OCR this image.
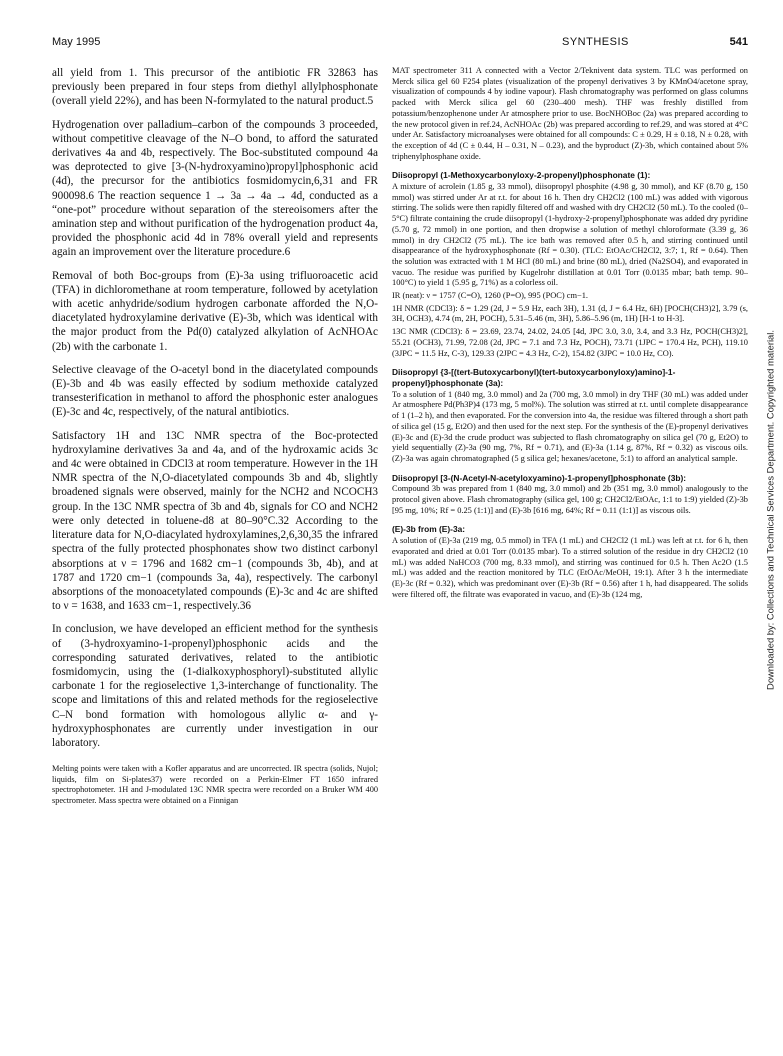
May 1995	SYNTHESIS	541

all yield from 1. This precursor of the antibiotic FR 32863 has previously been prepared in four steps from diethyl allylphosphonate (overall yield 22%), and has been N-formylated to the natural product.5

Hydrogenation over palladium–carbon of the compounds 3 proceeded, without competitive cleavage of the N–O bond, to afford the saturated derivatives 4a and 4b, respectively. The Boc-substituted compound 4a was deprotected to give [3-(N-hydroxyamino)propyl]phosphonic acid (4d), the precursor for the antibiotics fosmidomycin,6,31 and FR 900098.6 The reaction sequence 1 → 3a → 4a → 4d, conducted as a “one-pot” procedure without separation of the stereoisomers after the amination step and without purification of the hydrogenation product 4a, provided the phosphonic acid 4d in 78% overall yield and represents again an improvement over the literature procedure.6

Removal of both Boc-groups from (E)-3a using trifluoroacetic acid (TFA) in dichloromethane at room temperature, followed by acetylation with acetic anhydride/sodium hydrogen carbonate afforded the N,O-diacetylated hydroxylamine derivative (E)-3b, which was identical with the major product from the Pd(0) catalyzed alkylation of AcNHOAc (2b) with the carbonate 1.

Selective cleavage of the O-acetyl bond in the diacetylated compounds (E)-3b and 4b was easily effected by sodium methoxide catalyzed transesterification in methanol to afford the phosphonic ester analogues (E)-3c and 4c, respectively, of the natural antibiotics.

Satisfactory 1H and 13C NMR spectra of the Boc-protected hydroxylamine derivatives 3a and 4a, and of the hydroxamic acids 3c and 4c were obtained in CDCl3 at room temperature. However in the 1H NMR spectra of the N,O-diacetylated compounds 3b and 4b, slightly broadened signals were observed, mainly for the NCH2 and NCOCH3 group. In the 13C NMR spectra of 3b and 4b, signals for CO and NCH2 were only detected in toluene-d8 at 80–90°C.32 According to the literature data for N,O-diacylated hydroxylamines,2,6,30,35 the infrared spectra of the fully protected phosphonates show two distinct carbonyl absorptions at ν = 1796 and 1682 cm−1 (compounds 3b, 4b), and at 1787 and 1720 cm−1 (compounds 3a, 4a), respectively. The carbonyl absorptions of the monoacetylated compounds (E)-3c and 4c are shifted to ν = 1638, and 1633 cm−1, respectively.36

In conclusion, we have developed an efficient method for the synthesis of (3-hydroxyamino-1-propenyl)phosphonic acids and the corresponding saturated derivatives, related to the antibiotic fosmidomycin, using the (1-dialkoxyphosphoryl)-substituted allylic carbonate 1 for the regioselective 1,3-interchange of functionality. The scope and limitations of this and related methods for the regioselective C–N bond formation with homologous allylic α- and γ-hydroxyphosphonates are currently under investigation in our laboratory.

Melting points were taken with a Kofler apparatus and are uncorrected. IR spectra (solids, Nujol; liquids, film on Si-plates37) were recorded on a Perkin-Elmer FT 1650 infrared spectrophotometer. 1H and J-modulated 13C NMR spectra were recorded on a Bruker WM 400 spectrometer. Mass spectra were obtained on a Finnigan

MAT spectrometer 311 A connected with a Vector 2/Teknivent data system. TLC was performed on Merck silica gel 60 F254 plates (visualization of the propenyl derivatives 3 by KMnO4/acetone spray, visualization of compounds 4 by iodine vapour). Flash chromatography was performed on glass columns packed with Merck silica gel 60 (230–400 mesh). THF was freshly distilled from potassium/benzophenone under Ar atmosphere prior to use. BocNHOBoc (2a) was prepared according to the new protocol given in ref.24, AcNHOAc (2b) was prepared according to ref.29, and was stored at 4°C under Ar. Satisfactory microanalyses were obtained for all compounds: C ± 0.29, H ± 0.18, N ± 0.28, with the exception of 4d (C ± 0.44, H – 0.31, N – 0.23), and the byproduct (Z)-3b, which contained about 5% triphenylphosphane oxide.

Diisopropyl (1-Methoxycarbonyloxy-2-propenyl)phosphonate (1):

A mixture of acrolein (1.85 g, 33 mmol), diisopropyl phosphite (4.98 g, 30 mmol), and KF (8.70 g, 150 mmol) was stirred under Ar at r.t. for about 16 h. Then dry CH2Cl2 (100 mL) was added with vigorous stirring. The solids were then rapidly filtered off and washed with dry CH2Cl2 (50 mL). To the cooled (0–5°C) filtrate containing the crude diisopropyl (1-hydroxy-2-propenyl)phosphonate was added dry pyridine (5.70 g, 72 mmol) in one portion, and then dropwise a solution of methyl chloroformate (3.39 g, 36 mmol) in dry CH2Cl2 (75 mL). The ice bath was removed after 0.5 h, and stirring continued until disappearance of the hydroxyphosphonate (Rf = 0.30). (TLC: EtOAc/CH2Cl2, 3:7; 1, Rf = 0.64). Then the solution was extracted with 1 M HCl (80 mL) and brine (80 mL), dried (Na2SO4), and evaporated in vacuo. The residue was purified by Kugelrohr distillation at 0.01 Torr (0.0135 mbar; bath temp. 90–100°C) to yield 1 (5.95 g, 71%) as a colorless oil.

IR (neat): ν = 1757 (C=O), 1260 (P=O), 995 (POC) cm−1.

1H NMR (CDCl3): δ = 1.29 (2d, J = 5.9 Hz, each 3H), 1.31 (d, J = 6.4 Hz, 6H) [POCH(CH3)2], 3.79 (s, 3H, OCH3), 4.74 (m, 2H, POCH), 5.31–5.46 (m, 3H), 5.86–5.96 (m, 1H) [H-1 to H-3].

13C NMR (CDCl3): δ = 23.69, 23.74, 24.02, 24.05 [4d, JPC 3.0, 3.0, 3.4, and 3.3 Hz, POCH(CH3)2], 55.21 (OCH3), 71.99, 72.08 (2d, JPC = 7.1 and 7.3 Hz, POCH), 73.71 (1JPC = 170.4 Hz, PCH), 119.10 (3JPC = 11.5 Hz, C-3), 129.33 (2JPC = 4.3 Hz, C-2), 154.82 (3JPC = 10.0 Hz, CO).

Diisopropyl {3-[(tert-Butoxycarbonyl)(tert-butoxycarbonyloxy)amino]-1-propenyl}phosphonate (3a):

To a solution of 1 (840 mg, 3.0 mmol) and 2a (700 mg, 3.0 mmol) in dry THF (30 mL) was added under Ar atmosphere Pd(Ph3P)4 (173 mg, 5 mol%). The solution was stirred at r.t. until complete disappearance of 1 (1–2 h), and then evaporated. For the conversion into 4a, the residue was filtered through a short path of silica gel (15 g, Et2O) and then used for the next step. For the synthesis of the (E)-propenyl derivatives (E)-3c and (E)-3d the crude product was subjected to flash chromatography on silica gel (70 g, Et2O) to yield sequentially (Z)-3a (90 mg, 7%, Rf = 0.71), and (E)-3a (1.14 g, 87%, Rf = 0.32) as viscous oils. (Z)-3a was again chromatographed (5 g silica gel; hexanes/acetone, 5:1) to afford an analytical sample.

Diisopropyl [3-(N-Acetyl-N-acetyloxyamino)-1-propenyl]phosphonate (3b):

Compound 3b was prepared from 1 (840 mg, 3.0 mmol) and 2b (351 mg, 3.0 mmol) analogously to the protocol given above. Flash chromatography (silica gel, 100 g; CH2Cl2/EtOAc, 1:1 to 1:9) yielded (Z)-3b [95 mg, 10%; Rf = 0.25 (1:1)] and (E)-3b [616 mg, 64%; Rf = 0.11 (1:1)] as viscous oils.

(E)-3b from (E)-3a:

A solution of (E)-3a (219 mg, 0.5 mmol) in TFA (1 mL) and CH2Cl2 (1 mL) was left at r.t. for 6 h, then evaporated and dried at 0.01 Torr (0.0135 mbar). To a stirred solution of the residue in dry CH2Cl2 (10 mL) was added NaHCO3 (700 mg, 8.33 mmol), and stirring was continued for 0.5 h. Then Ac2O (1.5 mL) was added and the reaction monitored by TLC (EtOAc/MeOH, 19:1). After 3 h the intermediate (E)-3c (Rf = 0.32), which was predominant over (E)-3b (Rf = 0.56) after 1 h, had disappeared. The solids were filtered off, the filtrate was evaporated in vacuo, and (E)-3b (124 mg,	Downloaded by: Collections and Technical Services Department. Copyrighted material.
